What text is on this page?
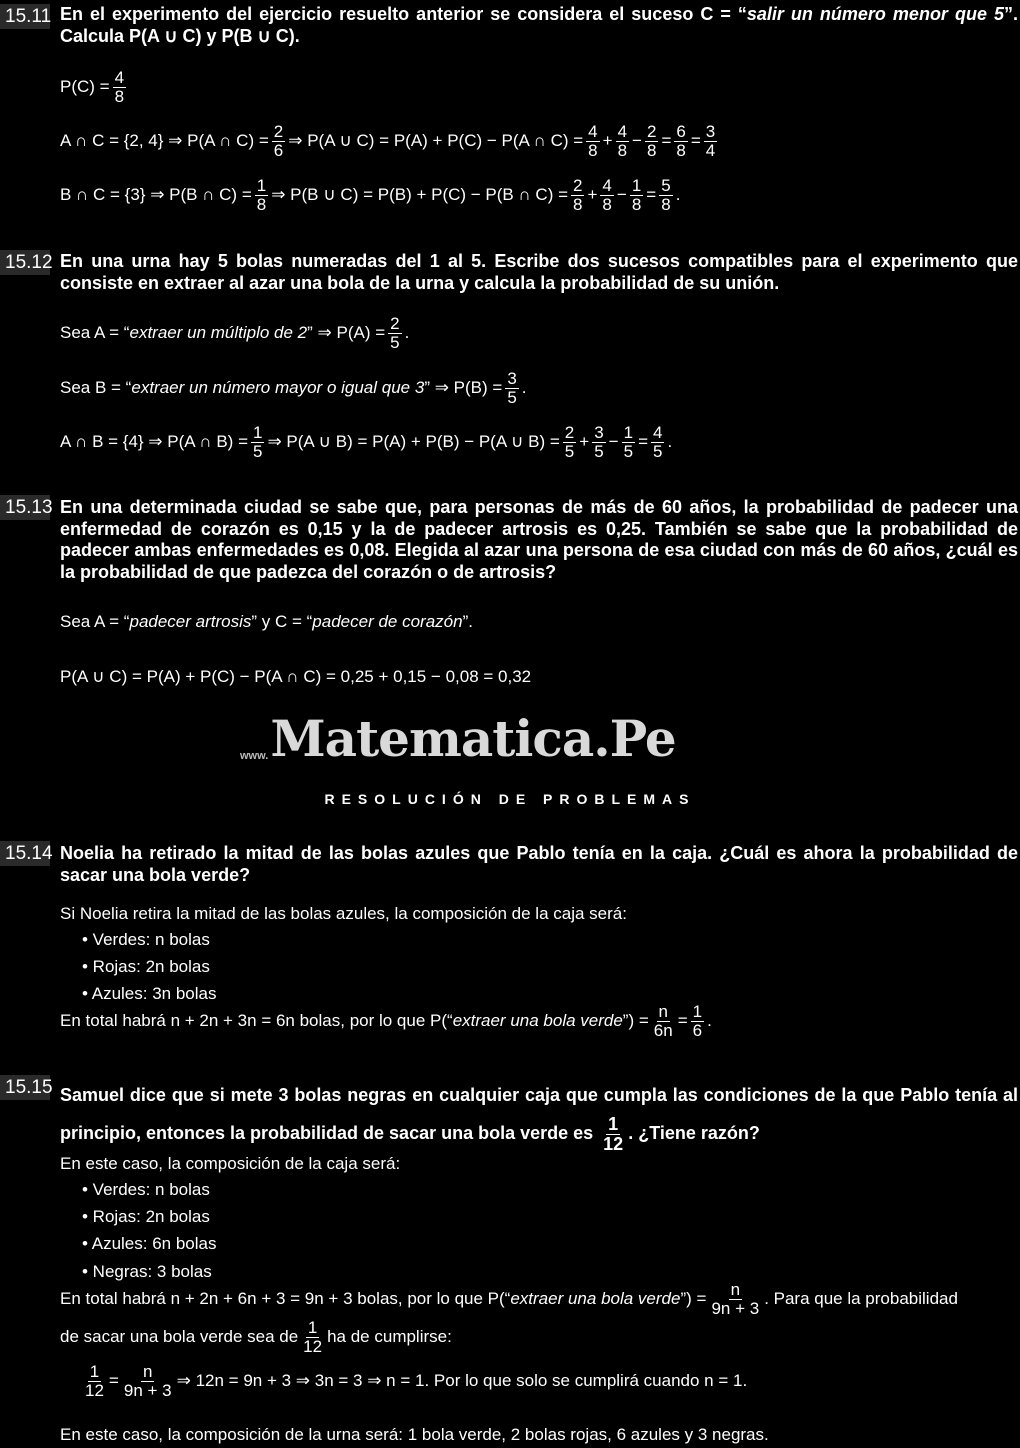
15.11 En el experimento del ejercicio resuelto anterior se considera el suceso C = “salir un número menor que 5”. Calcula P(A ∪ C) y P(B ∪ C).
$P(C) = \frac{4}{8}$
A ∩ C = {2, 4} ⇒ P(A ∩ $C) = \frac{2}{6}$ ⇒ P(A ∪ C) = P(A) + P(C) − P(A ∩ $C) = \frac{4}{8} + \frac{4}{8} - \frac{2}{8} = \frac{6}{8} = \frac{3}{4}$
B ∩ C = {3} ⇒ P(B ∩ $C) = \frac{1}{8}$ ⇒ P(B ∪ C) = P(B) + P(C) − P(B ∩ $C) = \frac{2}{8} + \frac{4}{8} - \frac{1}{8} = \frac{5}{8}$ .
15.12 En una urna hay 5 bolas numeradas del 1 al 5. Escribe dos sucesos compatibles para el experimento que consiste en extraer al azar una bola de la urna y calcula la probabilidad de su unión.
Sea A = “ extraer un múltiplo de 2 ” ⇒ $P(A) = \frac{2}{5}$ .
Sea B = “ extraer un número mayor o igual que 3 ” ⇒ $P(B) = \frac{3}{5}$ .
A ∩ B = {4} ⇒ P(A ∩ $B) = \frac{1}{5}$ ⇒ P(A ∪ B) = P(A) + P(B) − P(A ∪ $B) = \frac{2}{5} + \frac{3}{5} - \frac{1}{5} = \frac{4}{5}$ .
15.13 En una determinada ciudad se sabe que, para personas de más de 60 años, la probabilidad de padecer una enfermedad de corazón es 0,15 y la de padecer artrosis es 0,25. También se sabe que la probabilidad de padecer ambas enfermedades es 0,08. Elegida al azar una persona de esa ciudad con más de 60 años, ¿cuál es la probabilidad de que padezca del corazón o de artrosis?
Sea A = “ padecer artrosis ” y C = “ padecer de corazón ”.
P(A ∪ C) = P(A) + P(C) − P(A ∩ C) = 0,25 + 0,15 − 0,08 = 0,32
www. Matematica.Pe
RESOLUCIÓN DE PROBLEMAS
15.14 Noelia ha retirado la mitad de las bolas azules que Pablo tenía en la caja. ¿Cuál es ahora la probabilidad de sacar una bola verde?
Si Noelia retira la mitad de las bolas azules, la composición de la caja será:
• Verdes: n bolas
• Rojas: 2n bolas
• Azules: 3n bolas
En total habrá n + 2n + 3n = 6n bolas, por lo que P(“ extraer una bola verde ”) = $\frac{n}{6n} = \frac{1}{6}$ .
15.15 Samuel dice que si mete 3 bolas negras en cualquier caja que cumpla las condiciones de la que Pablo tenía al principio, entonces la probabilidad de sacar una bola verde es $\frac{1}{12}$ . ¿Tiene razón?
En este caso, la composición de la caja será:
• Verdes: n bolas
• Rojas: 2n bolas
• Azules: 6n bolas
• Negras: 3 bolas
En total habrá n + 2n + 6n + 3 = 9n + 3 bolas, por lo que P(“ extraer una bola verde ”) = $\frac{n}{9n + 3}$ . Para que la probabilidad
de sacar una bola verde sea de $\frac{1}{12}$ ha de cumplirse:
$\frac{1}{12} = \frac{n}{9n + 3}$ ⇒ 12n = 9n + 3 ⇒ 3n = 3 ⇒ n = 1. Por lo que solo se cumplirá cuando n = 1.
En este caso, la composición de la urna será: 1 bola verde, 2 bolas rojas, 6 azules y 3 negras.
